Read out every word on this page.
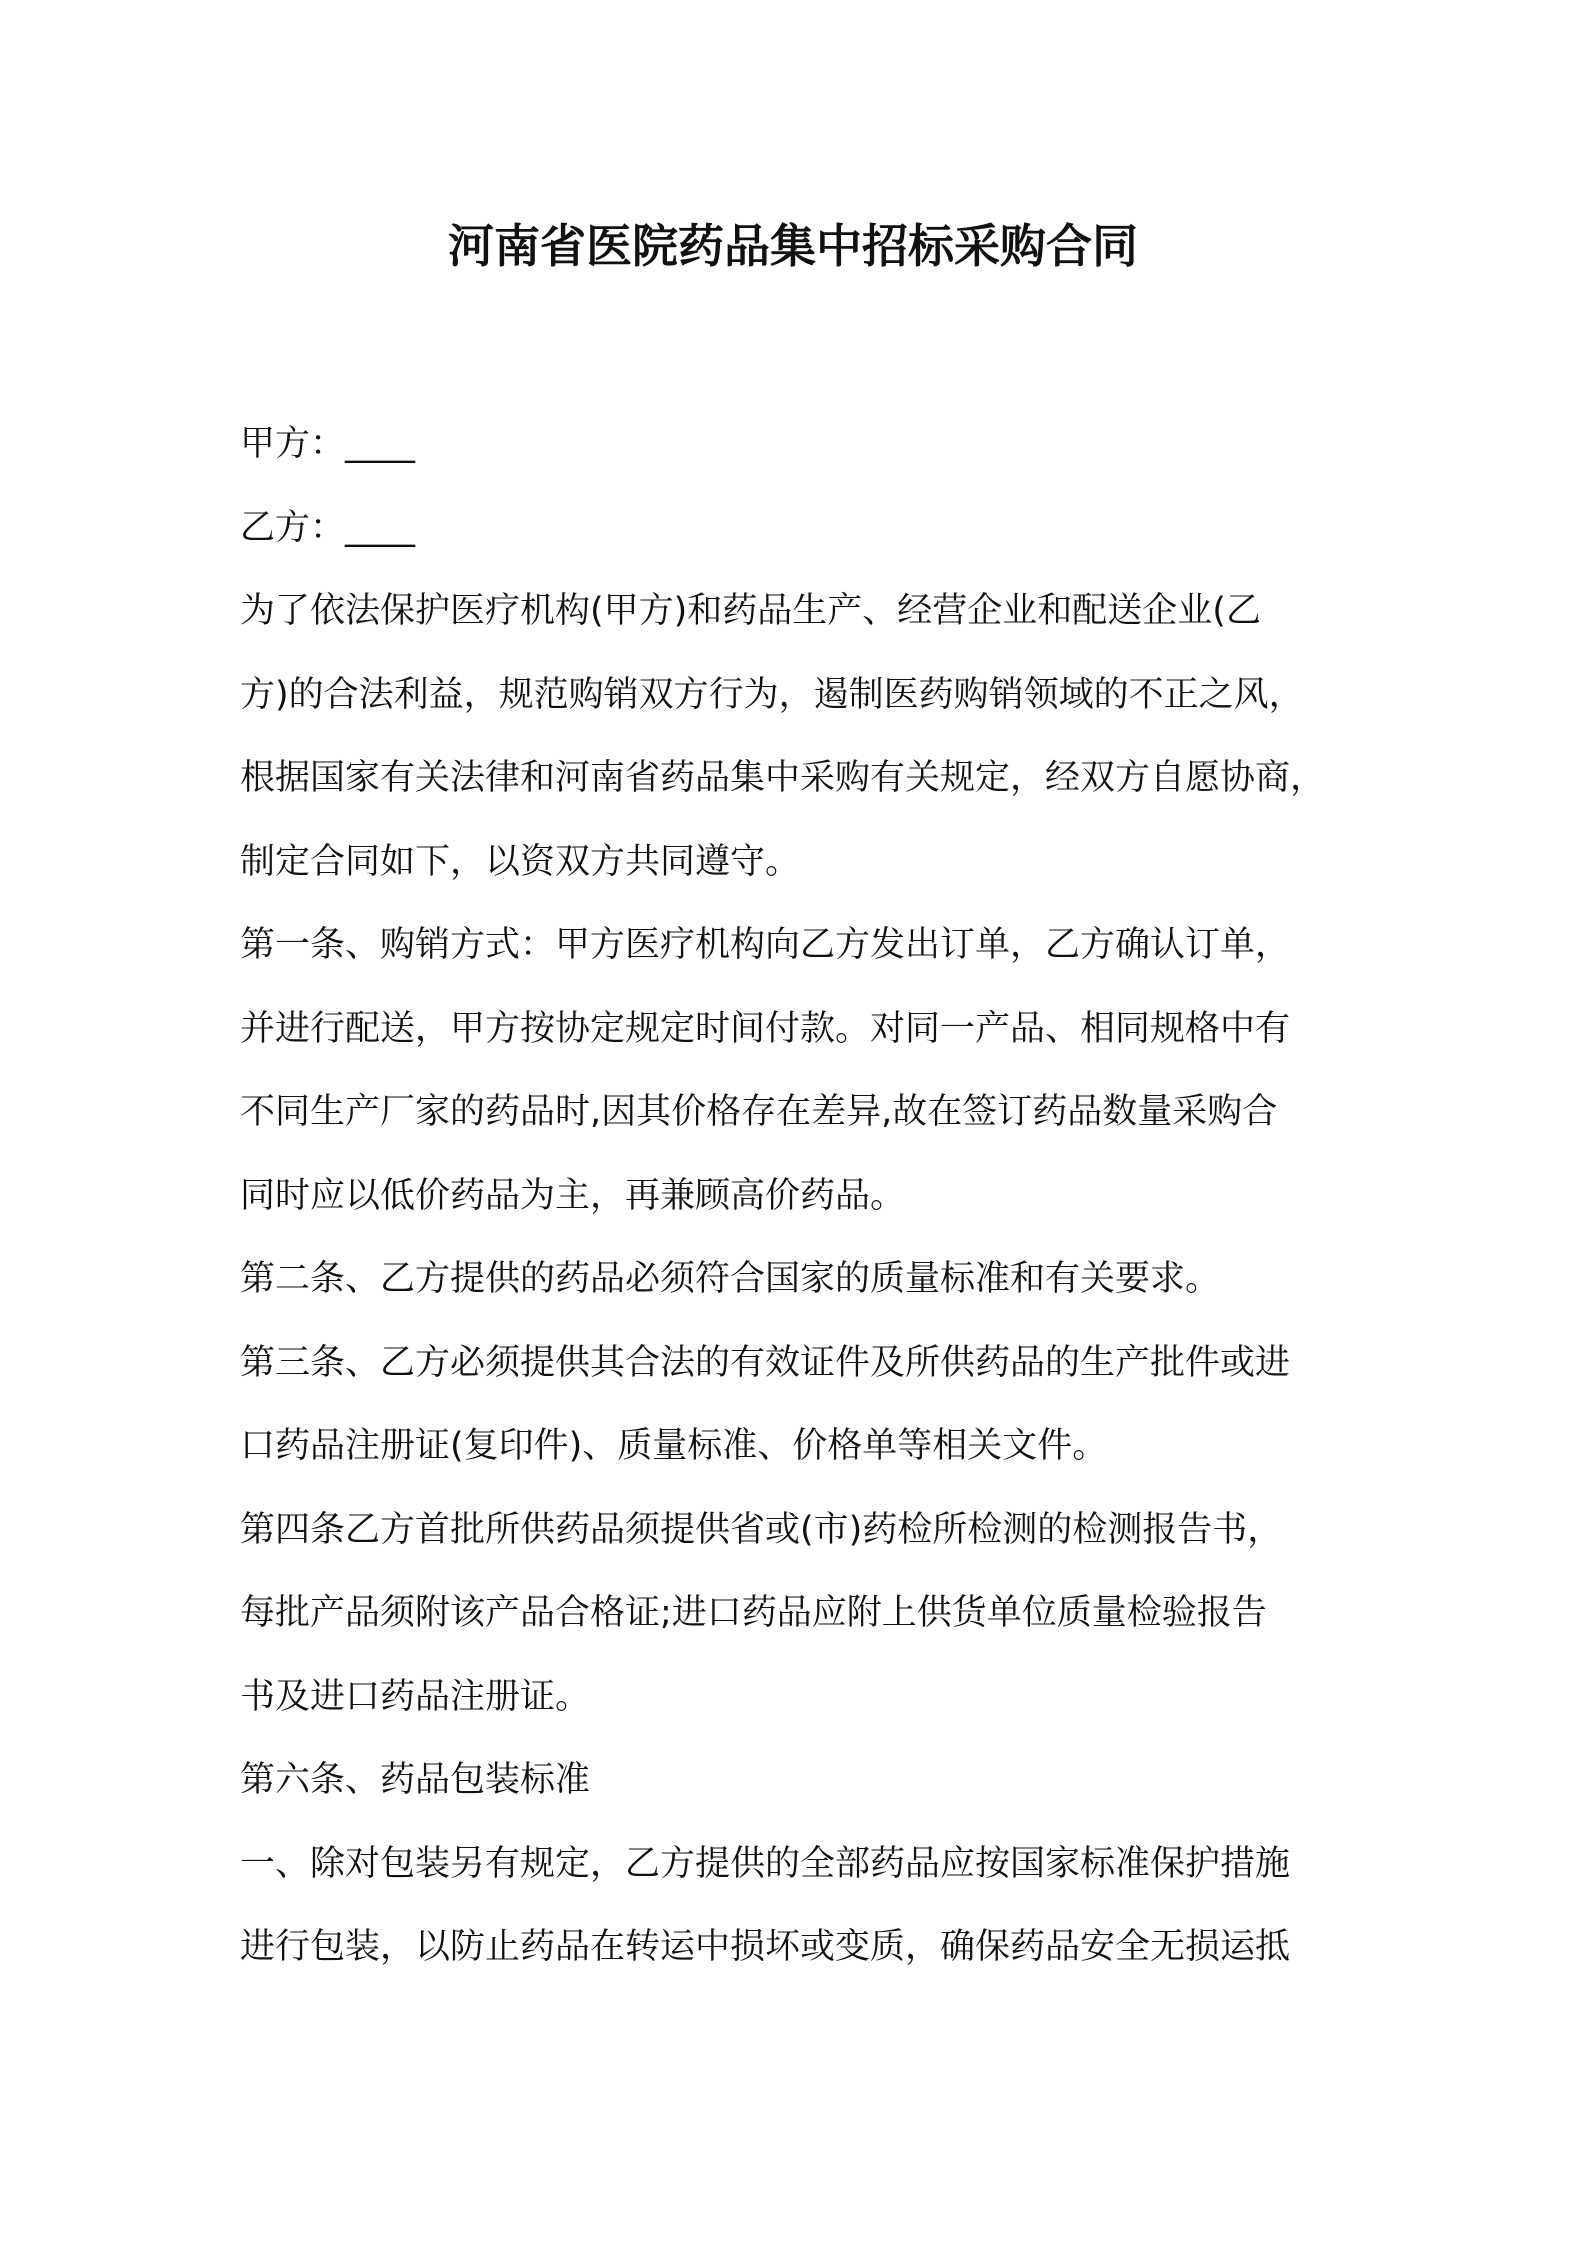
河南省医院药品集中招标采购合同
甲方：____
乙方：____
为了依法保护医疗机构(甲方)和药品生产、经营企业和配送企业(乙
方)的合法利益，规范购销双方行为，遏制医药购销领域的不正之风，
根据国家有关法律和河南省药品集中采购有关规定，经双方自愿协商，
制定合同如下，以资双方共同遵守。
第一条、购销方式：甲方医疗机构向乙方发出订单，乙方确认订单，
并进行配送，甲方按协定规定时间付款。对同一产品、相同规格中有
不同生产厂家的药品时,因其价格存在差异,故在签订药品数量采购合
同时应以低价药品为主，再兼顾高价药品。
第二条、乙方提供的药品必须符合国家的质量标准和有关要求。
第三条、乙方必须提供其合法的有效证件及所供药品的生产批件或进
口药品注册证(复印件)、质量标准、价格单等相关文件。
第四条乙方首批所供药品须提供省或(市)药检所检测的检测报告书，
每批产品须附该产品合格证;进口药品应附上供货单位质量检验报告
书及进口药品注册证。
第六条、药品包装标准
一、除对包装另有规定，乙方提供的全部药品应按国家标准保护措施
进行包装，以防止药品在转运中损坏或变质，确保药品安全无损运抵
